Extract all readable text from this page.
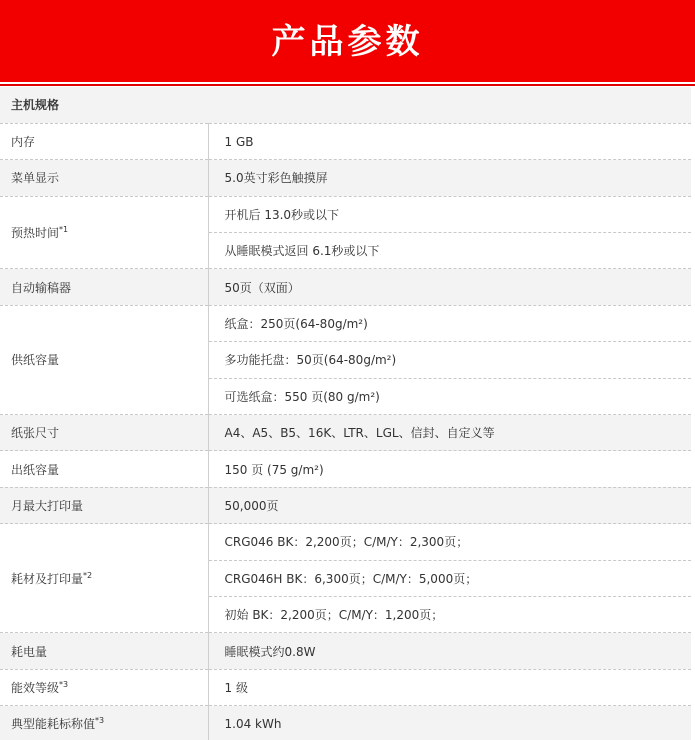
产品参数
主机规格	
内存	1 GB
菜单显示	5.0英寸彩色触摸屏
预热时间$^{*1}$	开机后 13.0秒或以下
	从睡眠模式返回 6.1秒或以下
自动输稿器	50页（双面）
供纸容量	纸盒：250页(64-80g/m²)
	多功能托盘：50页(64-80g/m²)
	可选纸盒：550 页(80 g/m²)
纸张尺寸	A4、A5、B5、16K、LTR、LGL、信封、自定义等
出纸容量	150 页 (75 g/m²)
月最大打印量	50,000页
耗材及打印量$^{*2}$	CRG046 BK：2,200页；C/M/Y：2,300页；
	CRG046H BK：6,300页；C/M/Y：5,000页；
	初始 BK：2,200页；C/M/Y：1,200页；
耗电量	睡眠模式约0.8W
能效等级$^{*3}$	1 级
典型能耗标称值$^{*3}$	1.04 kWh
